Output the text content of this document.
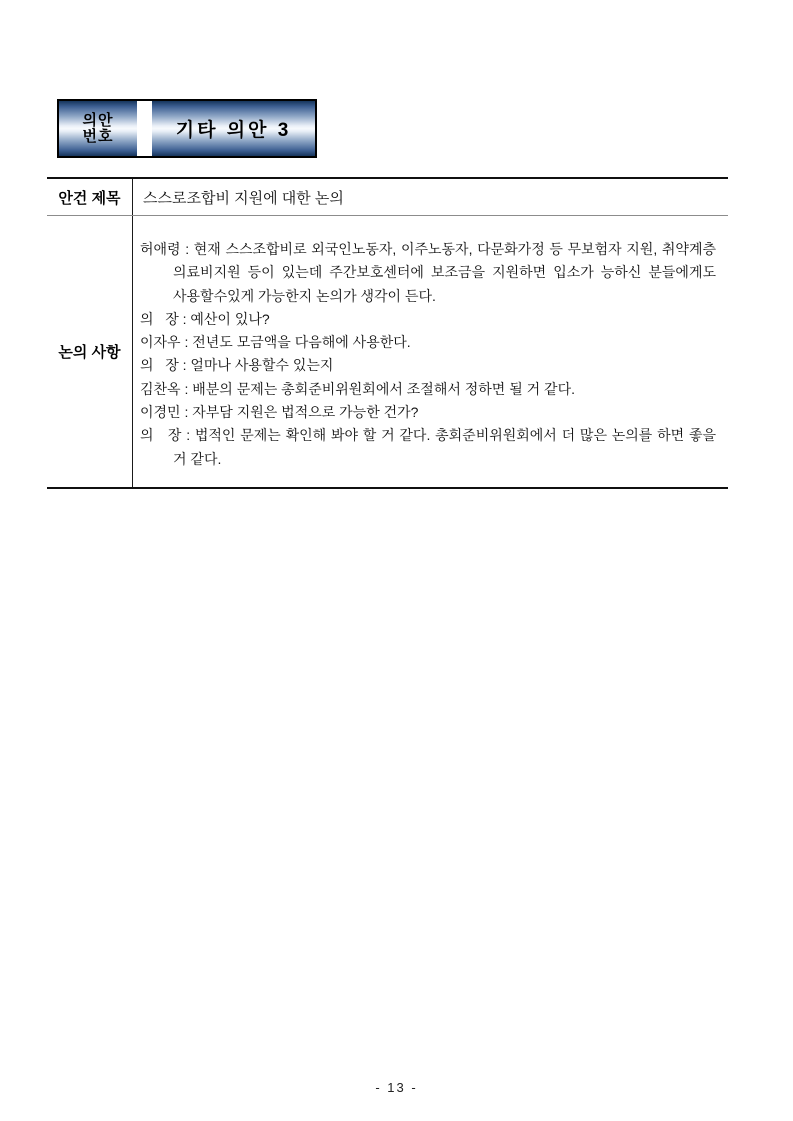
의안
번호	기타 의안 3
안건 제목	스스로조합비 지원에 대한 논의
논의 사항

허애령 : 현재 스스조합비로 외국인노동자, 이주노동자, 다문화가정 등 무보험자 지원, 취약계층 의료비지원 등이 있는데 주간보호센터에 보조금을 지원하면 입소가 능하신 분들에게도 사용할수있게 가능한지 논의가 생각이 든다.

의   장 : 예산이 있나?

이자우 : 전년도 모금액을 다음해에 사용한다.

의   장 : 얼마나 사용할수 있는지

김찬옥 : 배분의 문제는 총회준비위원회에서 조절해서 정하면 될 거 같다.

이경민 : 자부담 지원은 법적으로 가능한 건가?

의   장 : 법적인 문제는 확인해 봐야 할 거 같다. 총회준비위원회에서 더 많은 논의를 하면 좋을 거 같다.

- 13 -
